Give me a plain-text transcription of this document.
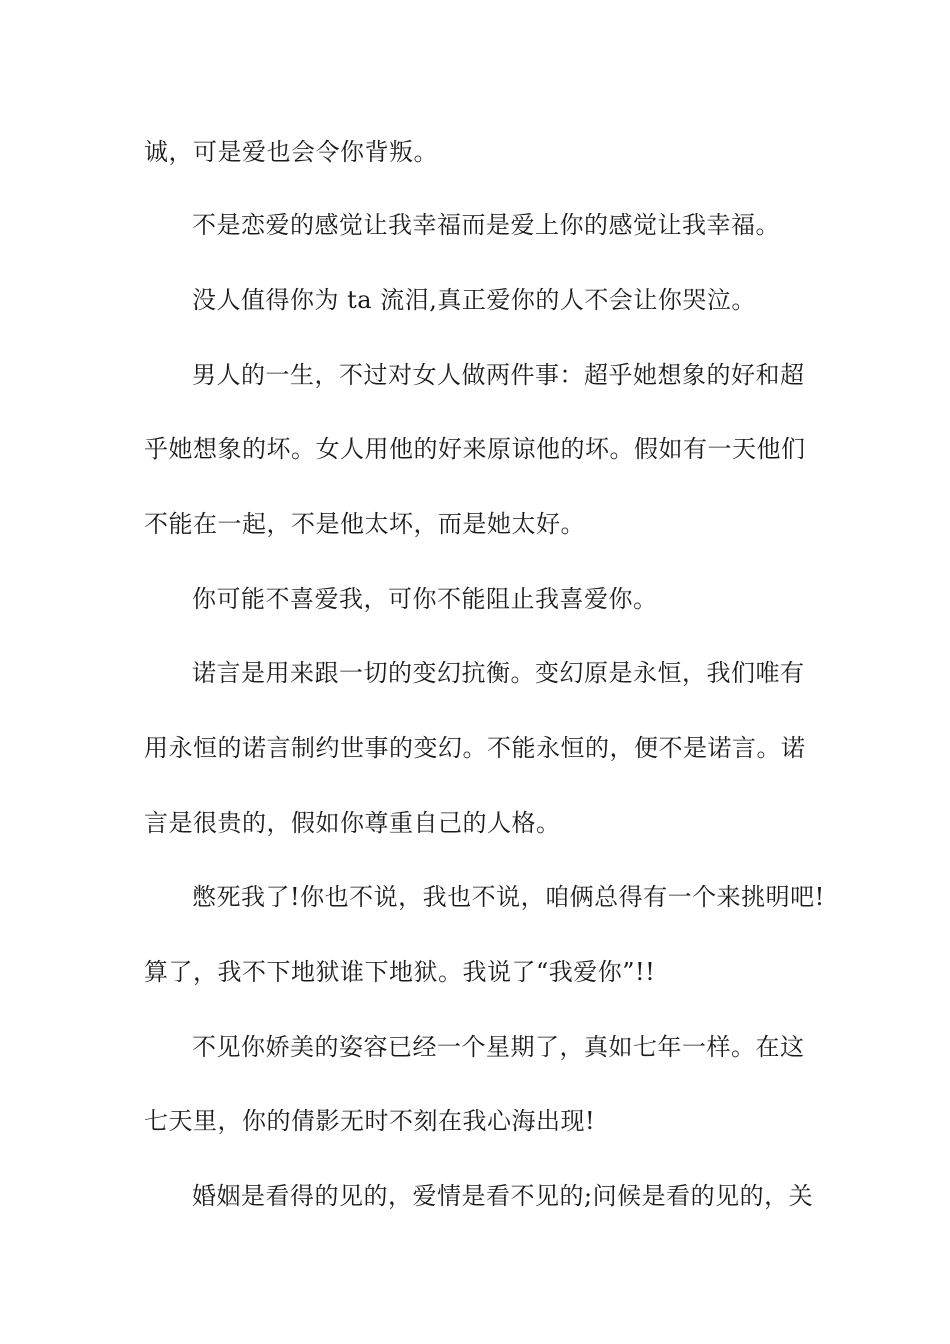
诚，可是爱也会令你背叛。
不是恋爱的感觉让我幸福而是爱上你的感觉让我幸福。
没人值得你为 ta 流泪,真正爱你的人不会让你哭泣。
男人的一生，不过对女人做两件事：超乎她想象的好和超
乎她想象的坏。女人用他的好来原谅他的坏。假如有一天他们
不能在一起，不是他太坏，而是她太好。
你可能不喜爱我，可你不能阻止我喜爱你。
诺言是用来跟一切的变幻抗衡。变幻原是永恒，我们唯有
用永恒的诺言制约世事的变幻。不能永恒的，便不是诺言。诺
言是很贵的，假如你尊重自己的人格。
憋死我了!你也不说，我也不说，咱俩总得有一个来挑明吧!
算了，我不下地狱谁下地狱。我说了“我爱你”!!
不见你娇美的姿容已经一个星期了，真如七年一样。在这
七天里，你的倩影无时不刻在我心海出现!
婚姻是看得的见的，爱情是看不见的;问候是看的见的，关
